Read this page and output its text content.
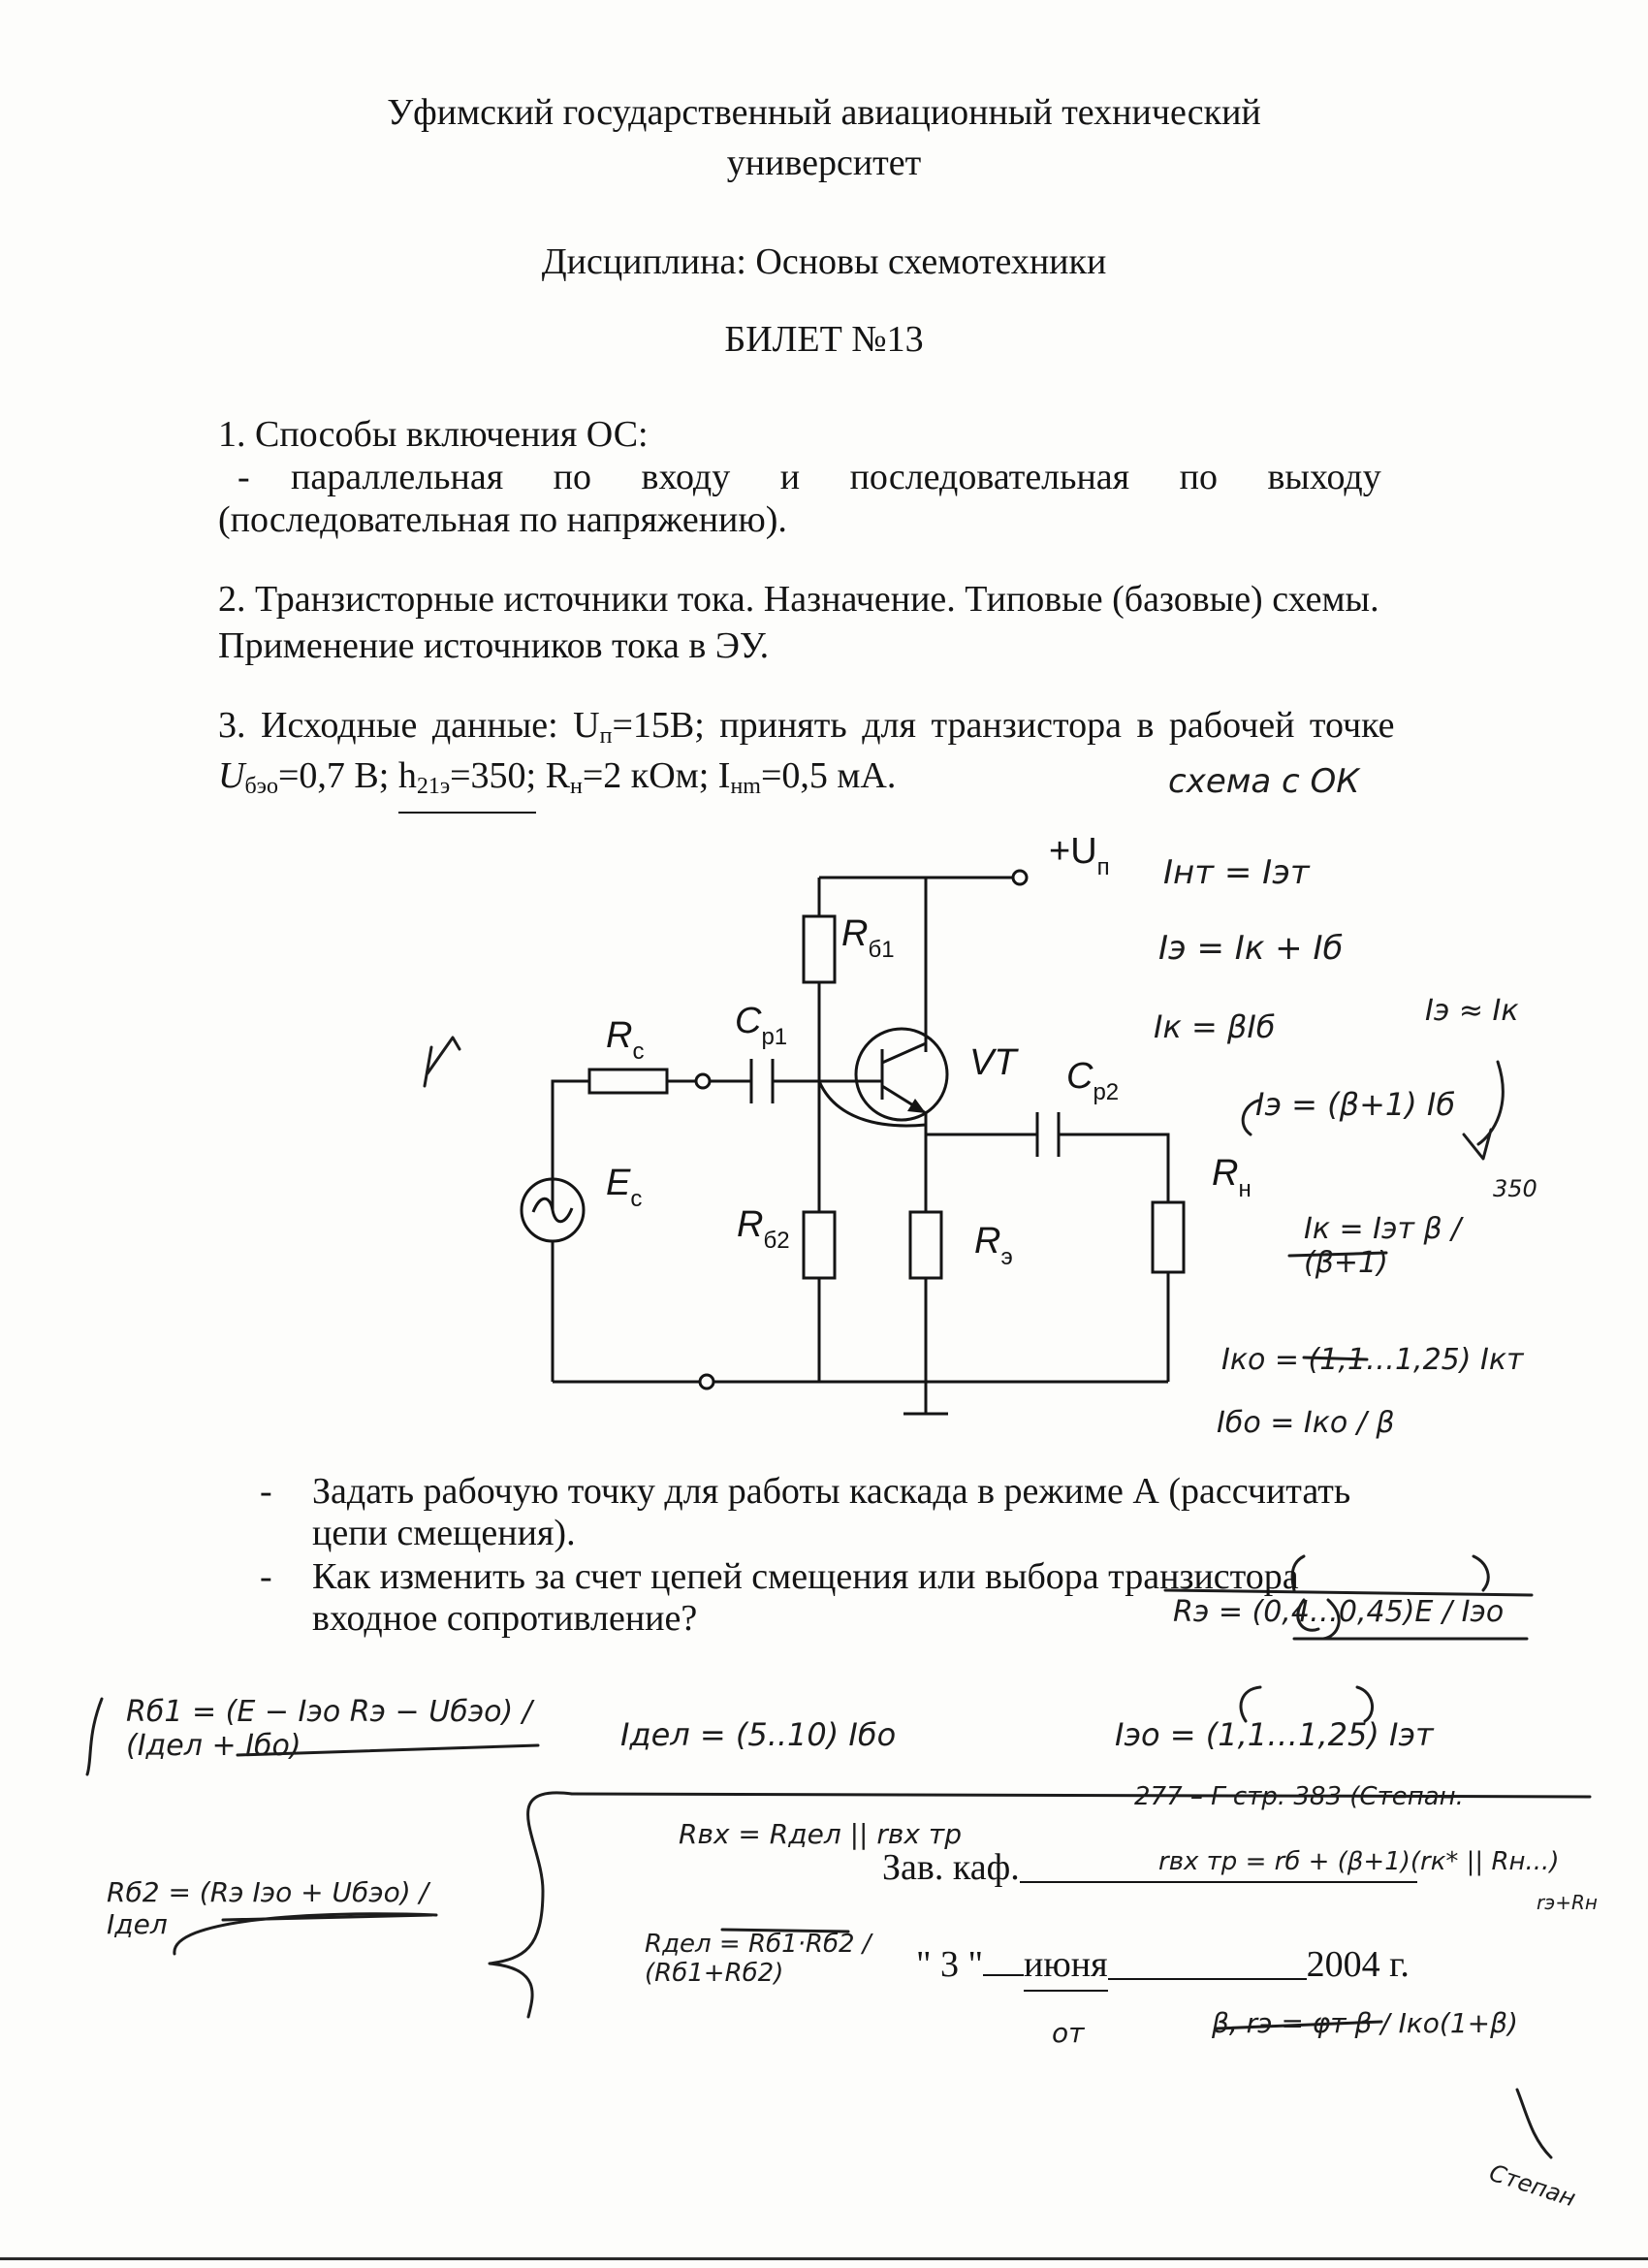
Уфимский государственный авиационный технический
университет
Дисциплина: Основы схемотехники
БИЛЕТ №13
1. Способы включения ОС:
- параллельная по входу и последовательная по выходу
(последовательная по напряжению).
2. Транзисторные источники тока. Назначение. Типовые (базовые) схемы.
Применение источников тока в ЭУ.
3. Исходные данные: $U_п=15В$; принять для транзистора в рабочей точке
$U_{бэо}=0,7$ В; $h_{21э}=350$; $R_н=2$ кОм; $I_{нm}=0,5$ мА.
$+U_п$
$R_{б1}$
$R_c$
$C_{р1}$
VT $C_{р2}$
$R_{б2}$	$R_э$
$R_н$
$E_c$
- Задать рабочую точку для работы каскада в режиме А (рассчитать
цепи смещения).
- Как изменить за счет цепей смещения или выбора транзистора
входное сопротивление?
Зав. каф.
" 3 " июня	2004 г.
схема с ОК
Iнт = Iэт
Iэ = Iк + Iб
Iк = βIб	Iэ ≈ Iк
Iэ = (β+1) Iб
350
Iк = Iэт β / (β+1)
Iко = (1,1…1,25) Iкт
Iбо = Iко / β
Rэ = (0,4…0,45)E / Iэо
Rб1 = (E − Iэо Rэ − Uбэо) / (Iдел + Iбо)	Iдел = (5..10) Iбо	Iэо = (1,1…1,25) Iэт
277 – Г стр. 383 (Степан.
Rвх = Rдел || rвх тр
rвх тр = rб + (β+1)(rк* || Rн...)
Rб2 = (Rэ Iэо + Uбэо) / Iдел
Rдел = Rб1·Rб2 / (Rб1+Rб2)
от	β, rэ = φт β / Iко(1+β)
rэ+Rн
Степан
